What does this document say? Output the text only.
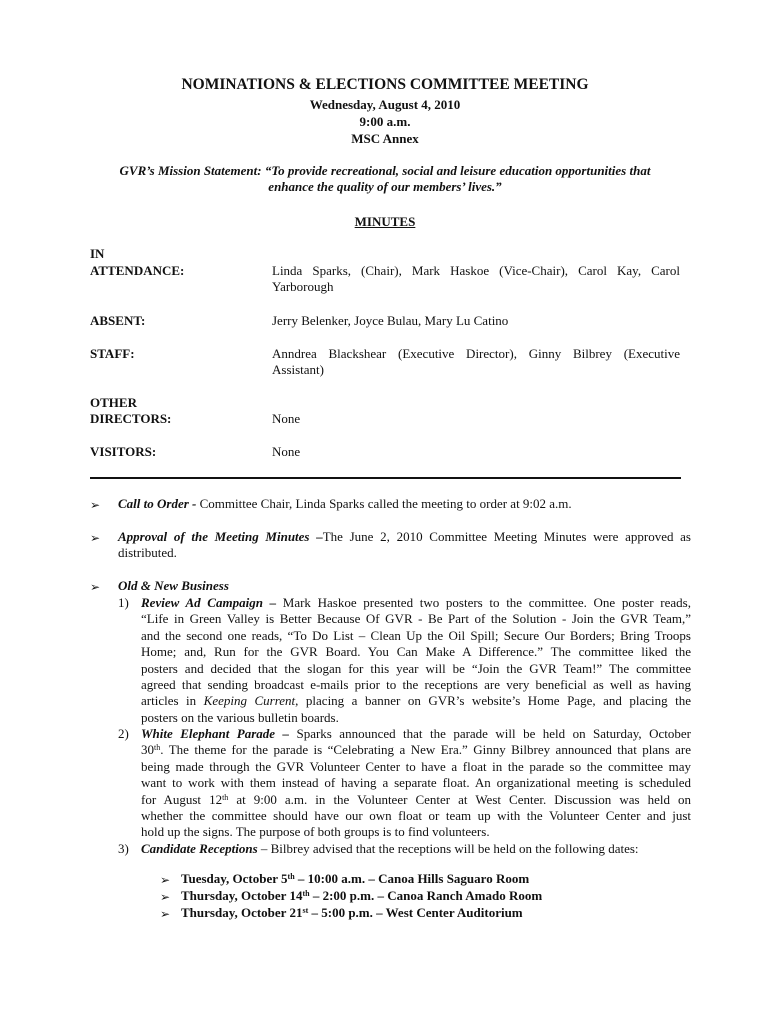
NOMINATIONS & ELECTIONS COMMITTEE MEETING
Wednesday, August 4, 2010
9:00 a.m.
MSC Annex
GVR’s Mission Statement: “To provide recreational, social and leisure education opportunities that
enhance the quality of our members’ lives.”
MINUTES
IN
ATTENDANCE:	Linda Sparks, (Chair), Mark Haskoe (Vice-Chair), Carol Kay, Carol
Yarborough
ABSENT:	Jerry Belenker, Joyce Bulau, Mary Lu Catino
STAFF:	Anndrea Blackshear (Executive Director), Ginny Bilbrey (Executive
Assistant)
OTHER
DIRECTORS:	None
VISITORS:	None
➢ Call to Order - Committee Chair, Linda Sparks called the meeting to order at 9:02 a.m.
➢ Approval of the Meeting Minutes –The June 2, 2010 Committee Meeting Minutes were approved as
distributed.
➢ Old & New Business
1) Review Ad Campaign – Mark Haskoe presented two posters to the committee. One poster reads,
“Life in Green Valley is Better Because Of GVR - Be Part of the Solution - Join the GVR Team,”
and the second one reads, “To Do List – Clean Up the Oil Spill; Secure Our Borders; Bring Troops
Home; and, Run for the GVR Board. You Can Make A Difference.” The committee liked the
posters and decided that the slogan for this year will be “Join the GVR Team!” The committee
agreed that sending broadcast e-mails prior to the receptions are very beneficial as well as having
articles in Keeping Current, placing a banner on GVR’s website’s Home Page, and placing the
posters on the various bulletin boards.
2) White Elephant Parade – Sparks announced that the parade will be held on Saturday, October
30th. The theme for the parade is “Celebrating a New Era.” Ginny Bilbrey announced that plans are
being made through the GVR Volunteer Center to have a float in the parade so the committee may
want to work with them instead of having a separate float. An organizational meeting is scheduled
for August 12th at 9:00 a.m. in the Volunteer Center at West Center. Discussion was held on
whether the committee should have our own float or team up with the Volunteer Center and just
hold up the signs. The purpose of both groups is to find volunteers.
3) Candidate Receptions – Bilbrey advised that the receptions will be held on the following dates:
➢ Tuesday, October 5th – 10:00 a.m. – Canoa Hills Saguaro Room
➢ Thursday, October 14th – 2:00 p.m. – Canoa Ranch Amado Room
➢ Thursday, October 21st – 5:00 p.m. – West Center Auditorium
